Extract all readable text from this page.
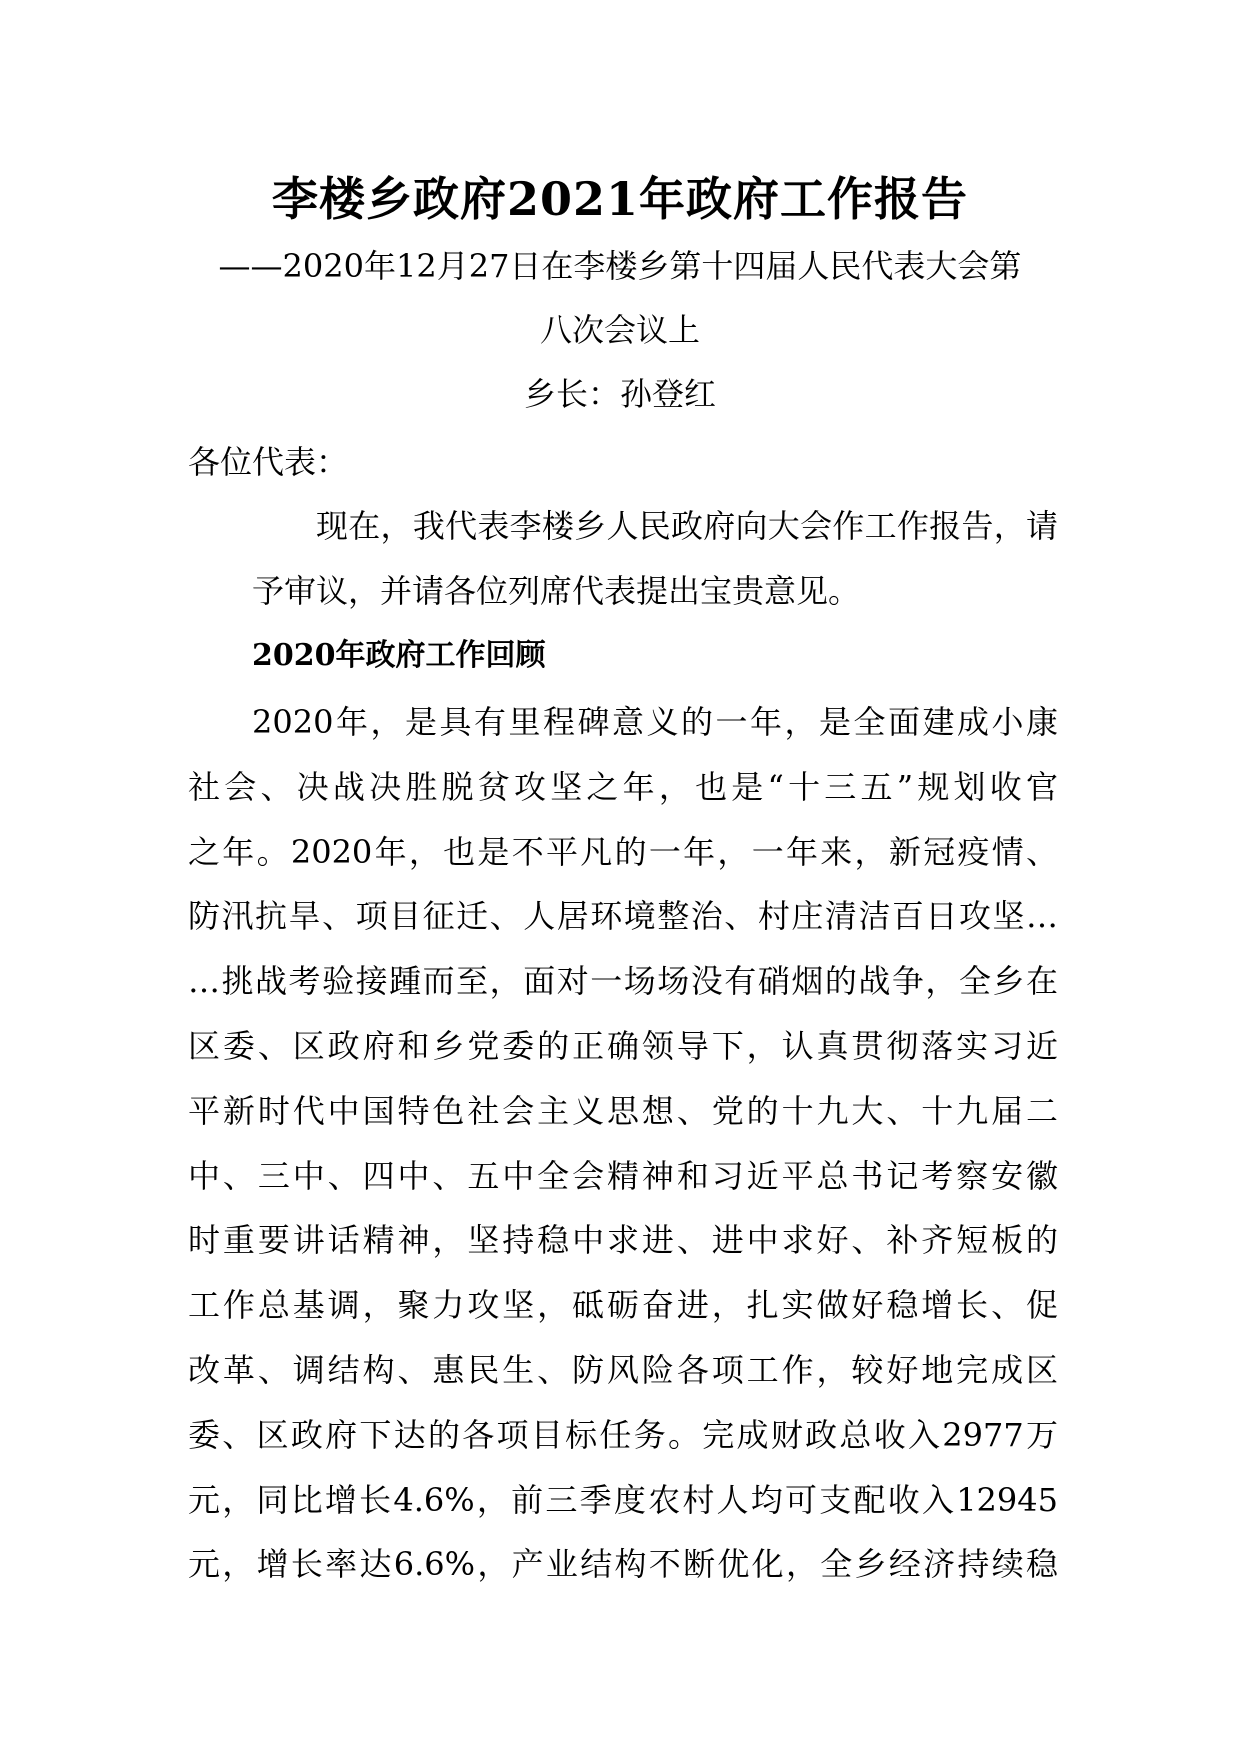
李楼乡政府2021年政府工作报告
——2020年12月27日在李楼乡第十四届人民代表大会第
八次会议上
乡长：孙登红
各位代表：
现在，我代表李楼乡人民政府向大会作工作报告，请
予审议，并请各位列席代表提出宝贵意见。
2020年政府工作回顾
2020年，是具有里程碑意义的一年，是全面建成小康
社会、决战决胜脱贫攻坚之年，也是“十三五”规划收官
之年。2020年，也是不平凡的一年，一年来，新冠疫情、
防汛抗旱、项目征迁、人居环境整治、村庄清洁百日攻坚…
…挑战考验接踵而至，面对一场场没有硝烟的战争，全乡在
区委、区政府和乡党委的正确领导下，认真贯彻落实习近
平新时代中国特色社会主义思想、党的十九大、十九届二
中、三中、四中、五中全会精神和习近平总书记考察安徽
时重要讲话精神，坚持稳中求进、进中求好、补齐短板的
工作总基调，聚力攻坚，砥砺奋进，扎实做好稳增长、促
改革、调结构、惠民生、防风险各项工作，较好地完成区
委、区政府下达的各项目标任务。完成财政总收入2977万
元，同比增长4.6%，前三季度农村人均可支配收入12945
元，增长率达6.6%，产业结构不断优化，全乡经济持续稳
